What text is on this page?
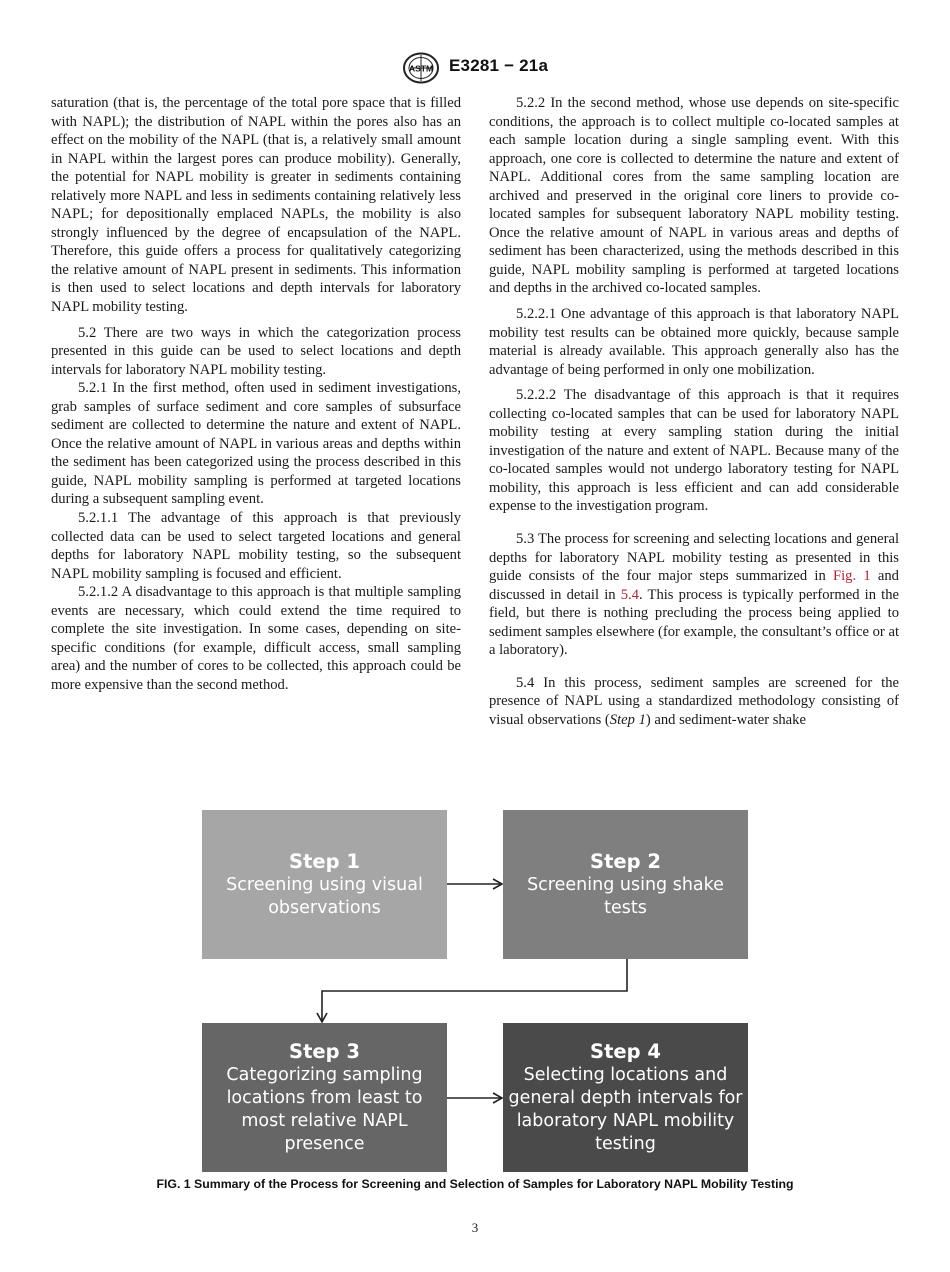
ASTM E3281 − 21a

saturation (that is, the percentage of the total pore space that is filled with NAPL); the distribution of NAPL within the pores also has an effect on the mobility of the NAPL (that is, a relatively small amount in NAPL within the largest pores can produce mobility). Generally, the potential for NAPL mobility is greater in sediments containing relatively more NAPL and less in sediments containing relatively less NAPL; for depositionally emplaced NAPLs, the mobility is also strongly influenced by the degree of encapsulation of the NAPL. Therefore, this guide offers a process for qualitatively categorizing the relative amount of NAPL present in sediments. This information is then used to select locations and depth intervals for laboratory NAPL mobility testing.

5.2 There are two ways in which the categorization process presented in this guide can be used to select locations and depth intervals for laboratory NAPL mobility testing.

5.2.1 In the first method, often used in sediment investigations, grab samples of surface sediment and core samples of subsurface sediment are collected to determine the nature and extent of NAPL. Once the relative amount of NAPL in various areas and depths within the sediment has been categorized using the process described in this guide, NAPL mobility sampling is performed at targeted locations during a subsequent sampling event.

5.2.1.1 The advantage of this approach is that previously collected data can be used to select targeted locations and general depths for laboratory NAPL mobility testing, so the subsequent NAPL mobility sampling is focused and efficient.

5.2.1.2 A disadvantage to this approach is that multiple sampling events are necessary, which could extend the time required to complete the site investigation. In some cases, depending on site-specific conditions (for example, difficult access, small sampling area) and the number of cores to be collected, this approach could be more expensive than the second method.

5.2.2 In the second method, whose use depends on site-specific conditions, the approach is to collect multiple co-located samples at each sample location during a single sampling event. With this approach, one core is collected to determine the nature and extent of NAPL. Additional cores from the same sampling location are archived and preserved in the original core liners to provide co-located samples for subsequent laboratory NAPL mobility testing. Once the relative amount of NAPL in various areas and depths of sediment has been characterized, using the methods described in this guide, NAPL mobility sampling is performed at targeted locations and depths in the archived co-located samples.

5.2.2.1 One advantage of this approach is that laboratory NAPL mobility test results can be obtained more quickly, because sample material is already available. This approach generally also has the advantage of being performed in only one mobilization.

5.2.2.2 The disadvantage of this approach is that it requires collecting co-located samples that can be used for laboratory NAPL mobility testing at every sampling station during the initial investigation of the nature and extent of NAPL. Because many of the co-located samples would not undergo laboratory testing for NAPL mobility, this approach is less efficient and can add considerable expense to the investigation program.

5.3 The process for screening and selecting locations and general depths for laboratory NAPL mobility testing as presented in this guide consists of the four major steps summarized in Fig. 1 and discussed in detail in 5.4. This process is typically performed in the field, but there is nothing precluding the process being applied to sediment samples elsewhere (for example, the consultant’s office or at a laboratory).

5.4 In this process, sediment samples are screened for the presence of NAPL using a standardized methodology consisting of visual observations (Step 1) and sediment-water shake

Step 1
Screening using visual observations
Step 2
Screening using shake tests
Step 3
Categorizing sampling locations from least to most relative NAPL presence
Step 4
Selecting locations and general depth intervals for laboratory NAPL mobility testing
FIG. 1 Summary of the Process for Screening and Selection of Samples for Laboratory NAPL Mobility Testing
3
